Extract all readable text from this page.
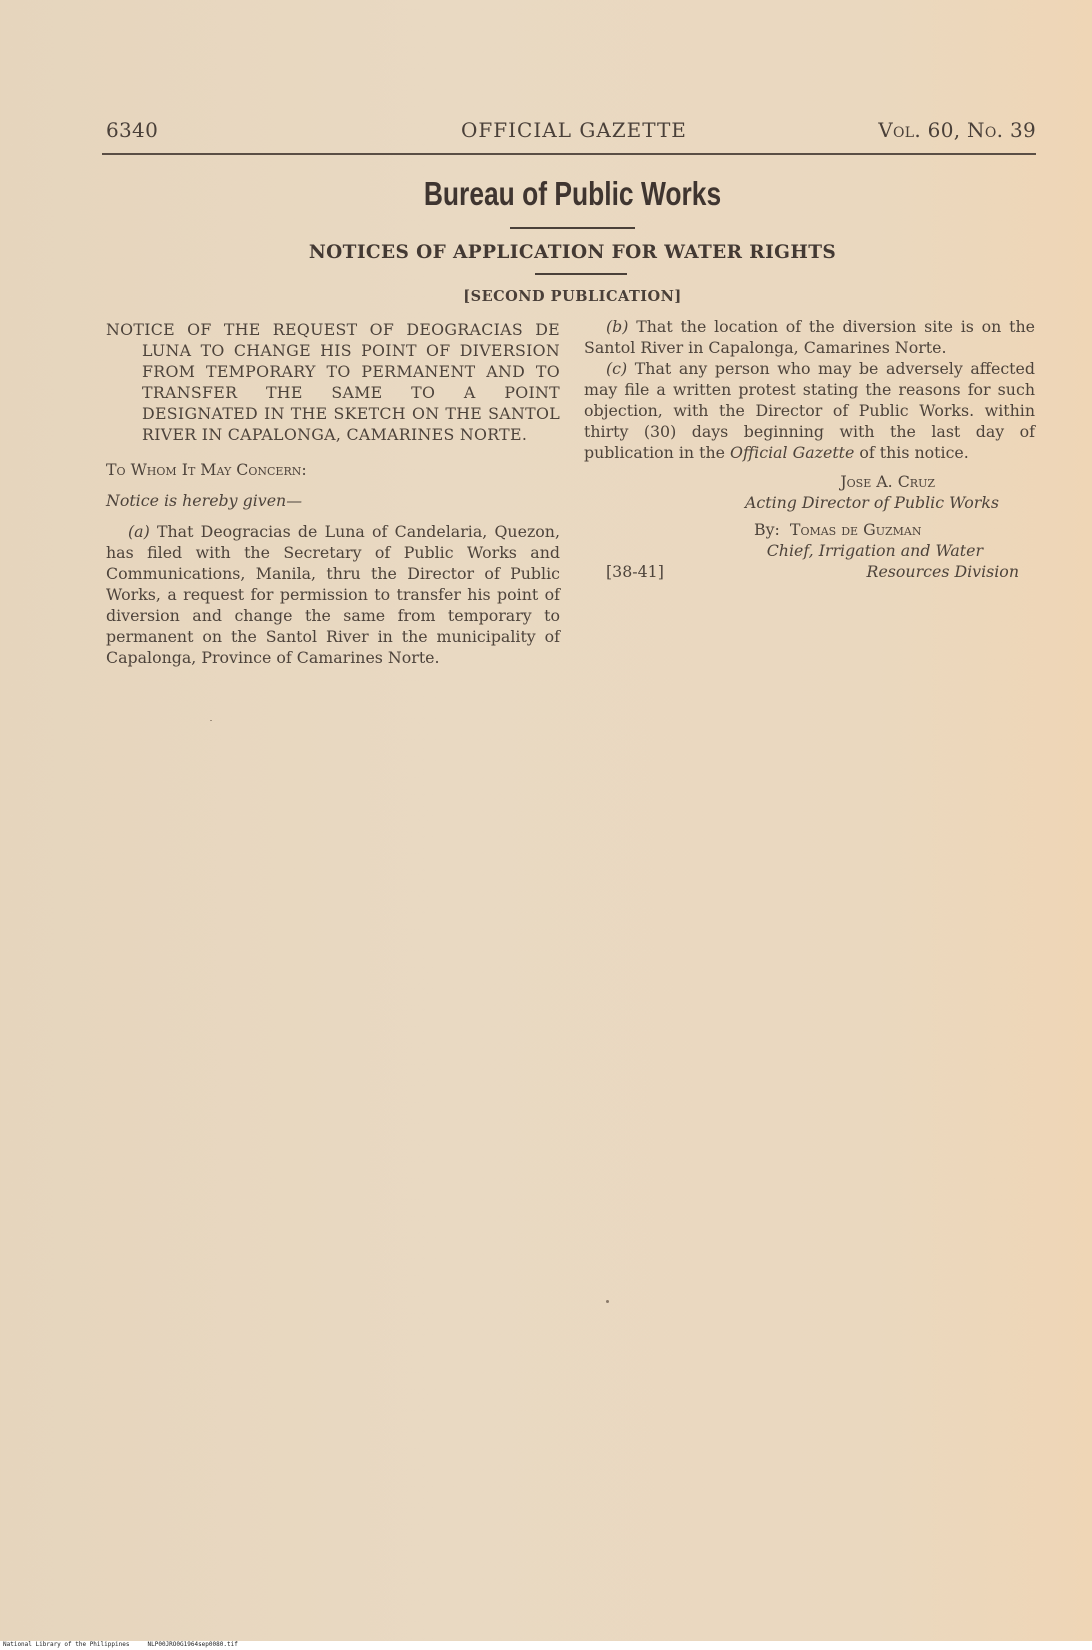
6340	OFFICIAL GAZETTE	Vol. 60, No. 39
Bureau of Public Works
NOTICES OF APPLICATION FOR WATER RIGHTS
[SECOND PUBLICATION]

NOTICE OF THE REQUEST OF DEOGRACIAS DE LUNA TO CHANGE HIS POINT OF DIVERSION FROM TEMPORARY TO PERMANENT AND TO TRANSFER THE SAME TO A POINT DESIGNATED IN THE SKETCH ON THE SANTOL RIVER IN CAPALONGA, CAMARINES NORTE.

To Whom It May Concern:

Notice is hereby given—

(a) That Deogracias de Luna of Candelaria, Quezon, has filed with the Secretary of Public Works and Communications, Manila, thru the Director of Public Works, a request for permission to transfer his point of diversion and change the same from temporary to permanent on the Santol River in the municipality of Capalonga, Province of Camarines Norte.

(b) That the location of the diversion site is on the Santol River in Capalonga, Camarines Norte.

(c) That any person who may be adversely affected may file a written protest stating the reasons for such objection, with the Director of Public Works. within thirty (30) days beginning with the last day of publication in the Official Gazette of this notice.

Jose A. Cruz
Acting Director of Public Works
By: Tomas de Guzman
Chief, Irrigation and Water
[38-41]	Resources Division
National Library of the Philippines     NLP00JRO0G1964sep0080.tif
